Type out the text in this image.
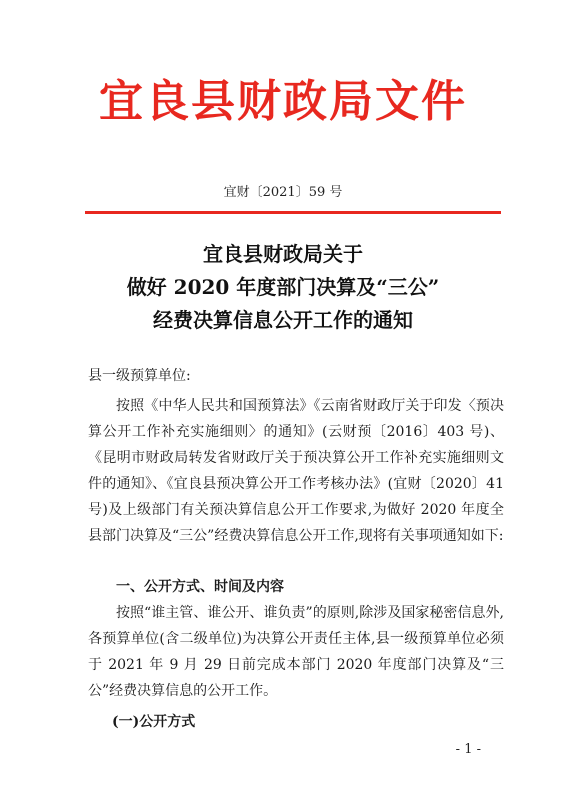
宜良县财政局文件
宜财〔2021〕59 号
宜良县财政局关于
做好 2020 年度部门决算及“三公”
经费决算信息公开工作的通知
县一级预算单位:
按照《中华人民共和国预算法》《云南省财政厅关于印发〈预决算公开工作补充实施细则〉的通知》(云财预〔2016〕403 号)、《昆明市财政局转发省财政厅关于预决算公开工作补充实施细则文件的通知》、《宜良县预决算公开工作考核办法》(宜财〔2020〕41 号)及上级部门有关预决算信息公开工作要求,为做好 2020 年度全县部门决算及“三公”经费决算信息公开工作,现将有关事项通知如下:
一、公开方式、时间及内容
按照“谁主管、谁公开、谁负责”的原则,除涉及国家秘密信息外,各预算单位(含二级单位)为决算公开责任主体,县一级预算单位必须于 2021 年 9 月 29 日前完成本部门 2020 年度部门决算及“三公”经费决算信息的公开工作。
(一)公开方式
- 1 -
